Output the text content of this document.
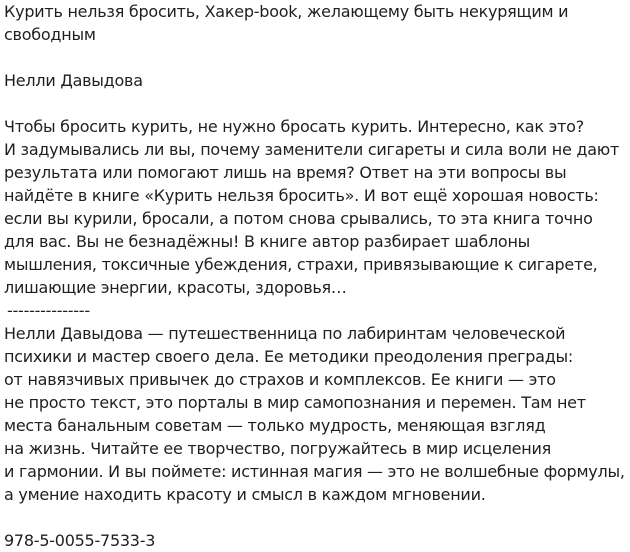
Курить нельзя бросить, Хакер-book, желающему быть некурящим и
свободным
Нелли Давыдова
Чтобы бросить курить, не нужно бросать курить. Интересно, как это?
И задумывались ли вы, почему заменители сигареты и сила воли не дают
результата или помогают лишь на время? Ответ на эти вопросы вы
найдёте в книге «Курить нельзя бросить». И вот ещё хорошая новость:
если вы курили, бросали, а потом снова срывались, то эта книга точно
для вас. Вы не безнадёжны! В книге автор разбирает шаблоны
мышления, токсичные убеждения, страхи, привязывающие к сигарете,
лишающие энергии, красоты, здоровья…
---------------
Нелли Давыдова — путешественница по лабиринтам человеческой
психики и мастер своего дела. Ее методики преодоления преграды:
от навязчивых привычек до страхов и комплексов. Ее книги — это
не просто текст, это порталы в мир самопознания и перемен. Там нет
места банальным советам — только мудрость, меняющая взгляд
на жизнь. Читайте ее творчество, погружайтесь в мир исцеления
и гармонии. И вы поймете: истинная магия — это не волшебные формулы,
а умение находить красоту и смысл в каждом мгновении.
978-5-0055-7533-3
